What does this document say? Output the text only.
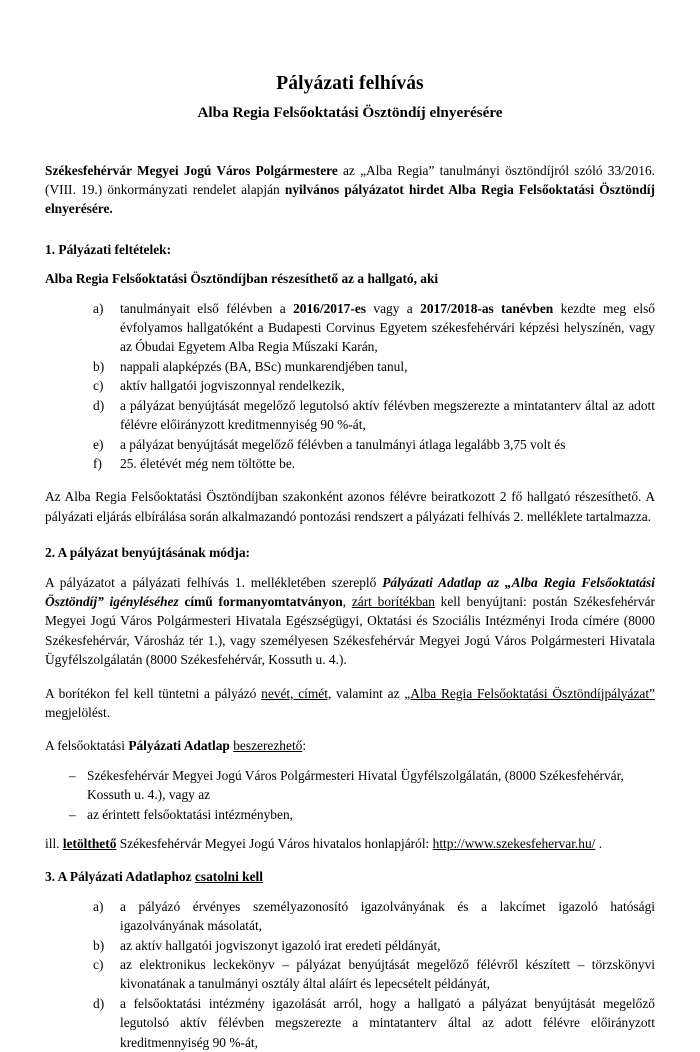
Pályázati felhívás
Alba Regia Felsőoktatási Ösztöndíj elnyerésére

Székesfehérvár Megyei Jogú Város Polgármestere az „Alba Regia” tanulmányi ösztöndíjról szóló 33/2016. (VIII. 19.) önkormányzati rendelet alapján nyilvános pályázatot hirdet Alba Regia Felsőoktatási Ösztöndíj elnyerésére.

1. Pályázati feltételek:

Alba Regia Felsőoktatási Ösztöndíjban részesíthető az a hallgató, aki

a)	tanulmányait első félévben a 2016/2017-es vagy a 2017/2018-as tanévben kezdte meg első évfolyamos hallgatóként a Budapesti Corvinus Egyetem székesfehérvári képzési helyszínén, vagy az Óbudai Egyetem Alba Regia Műszaki Karán,
b)	nappali alapképzés (BA, BSc) munkarendjében tanul,
c)	aktív hallgatói jogviszonnyal rendelkezik,
d)	a pályázat benyújtását megelőző legutolsó aktív félévben megszerezte a mintatanterv által az adott félévre előirányzott kreditmennyiség 90 %-át,
e)	a pályázat benyújtását megelőző félévben a tanulmányi átlaga legalább 3,75 volt és
f)	25. életévét még nem töltötte be.

Az Alba Regia Felsőoktatási Ösztöndíjban szakonként azonos félévre beiratkozott 2 fő hallgató részesíthető. A pályázati eljárás elbírálása során alkalmazandó pontozási rendszert a pályázati felhívás 2. melléklete tartalmazza.

2. A pályázat benyújtásának módja:

A pályázatot a pályázati felhívás 1. mellékletében szereplő Pályázati Adatlap az „Alba Regia Felsőoktatási Ösztöndíj” igényléséhez című formanyomtatványon, zárt borítékban kell benyújtani: postán Székesfehérvár Megyei Jogú Város Polgármesteri Hivatala Egészségügyi, Oktatási és Szociális Intézményi Iroda címére (8000 Székesfehérvár, Városház tér 1.), vagy személyesen Székesfehérvár Megyei Jogú Város Polgármesteri Hivatala Ügyfélszolgálatán (8000 Székesfehérvár, Kossuth u. 4.).

A borítékon fel kell tüntetni a pályázó nevét, címét, valamint az „Alba Regia Felsőoktatási Ösztöndíjpályázat” megjelölést.

A felsőoktatási Pályázati Adatlap beszerezhető:

– Székesfehérvár Megyei Jogú Város Polgármesteri Hivatal Ügyfélszolgálatán, (8000 Székesfehérvár, Kossuth u. 4.), vagy az
– az érintett felsőoktatási intézményben,

ill. letölthető Székesfehérvár Megyei Jogú Város hivatalos honlapjáról: http://www.szekesfehervar.hu/ .

3. A Pályázati Adatlaphoz csatolni kell

a)	a pályázó érvényes személyazonosító igazolványának és a lakcímet igazoló hatósági igazolványának másolatát,
b)	az aktív hallgatói jogviszonyt igazoló irat eredeti példányát,
c)	az elektronikus leckekönyv – pályázat benyújtását megelőző félévről készített – törzskönyvi kivonatának a tanulmányi osztály által aláírt és lepecsételt példányát,
d)	a felsőoktatási intézmény igazolását arról, hogy a hallgató a pályázat benyújtását megelőző legutolsó aktív félévben megszerezte a mintatanterv által az adott félévre előirányzott kreditmennyiség 90 %-át,
